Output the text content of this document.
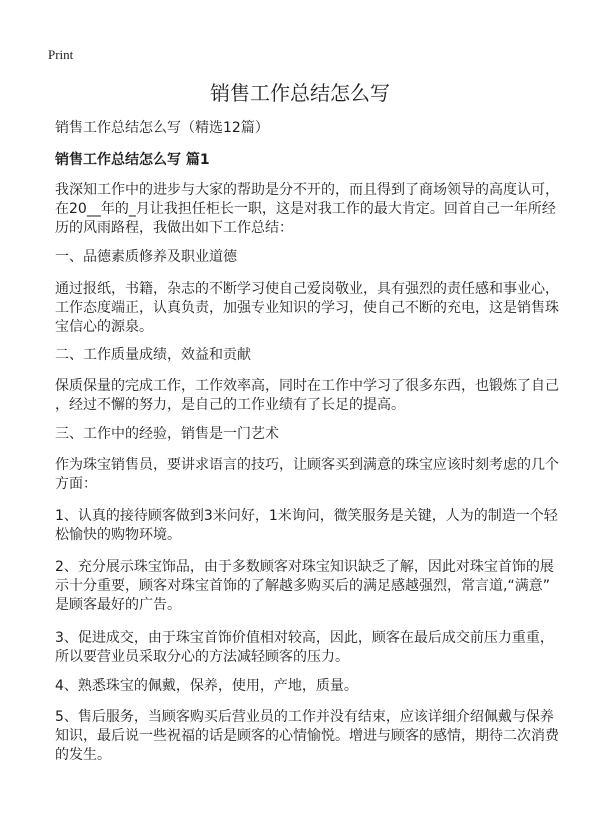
Print
销售工作总结怎么写
销售工作总结怎么写（精选12篇）
销售工作总结怎么写 篇1
我深知工作中的进步与大家的帮助是分不开的，而且得到了商场领导的高度认可，
在20__年的_月让我担任柜长一职，这是对我工作的最大肯定。回首自己一年所经
历的风雨路程，我做出如下工作总结：
一、品德素质修养及职业道德
通过报纸，书籍，杂志的不断学习使自己爱岗敬业，具有强烈的责任感和事业心，
工作态度端正，认真负责，加强专业知识的学习，使自己不断的充电，这是销售珠
宝信心的源泉。
二、工作质量成绩，效益和贡献
保质保量的完成工作，工作效率高，同时在工作中学习了很多东西，也锻炼了自己
，经过不懈的努力，是自己的工作业绩有了长足的提高。
三、工作中的经验，销售是一门艺术
作为珠宝销售员，要讲求语言的技巧，让顾客买到满意的珠宝应该时刻考虑的几个
方面：
1、认真的接待顾客做到3米问好，1米询问，微笑服务是关键，人为的制造一个轻
松愉快的购物环境。
2、充分展示珠宝饰品，由于多数顾客对珠宝知识缺乏了解，因此对珠宝首饰的展
示十分重要，顾客对珠宝首饰的了解越多购买后的满足感越强烈，常言道,“满意”
是顾客最好的广告。
3、促进成交，由于珠宝首饰价值相对较高，因此，顾客在最后成交前压力重重，
所以要营业员采取分心的方法减轻顾客的压力。
4、熟悉珠宝的佩戴，保养，使用，产地，质量。
5、售后服务，当顾客购买后营业员的工作并没有结束，应该详细介绍佩戴与保养
知识，最后说一些祝福的话是顾客的心情愉悦。增进与顾客的感情，期待二次消费
的发生。
